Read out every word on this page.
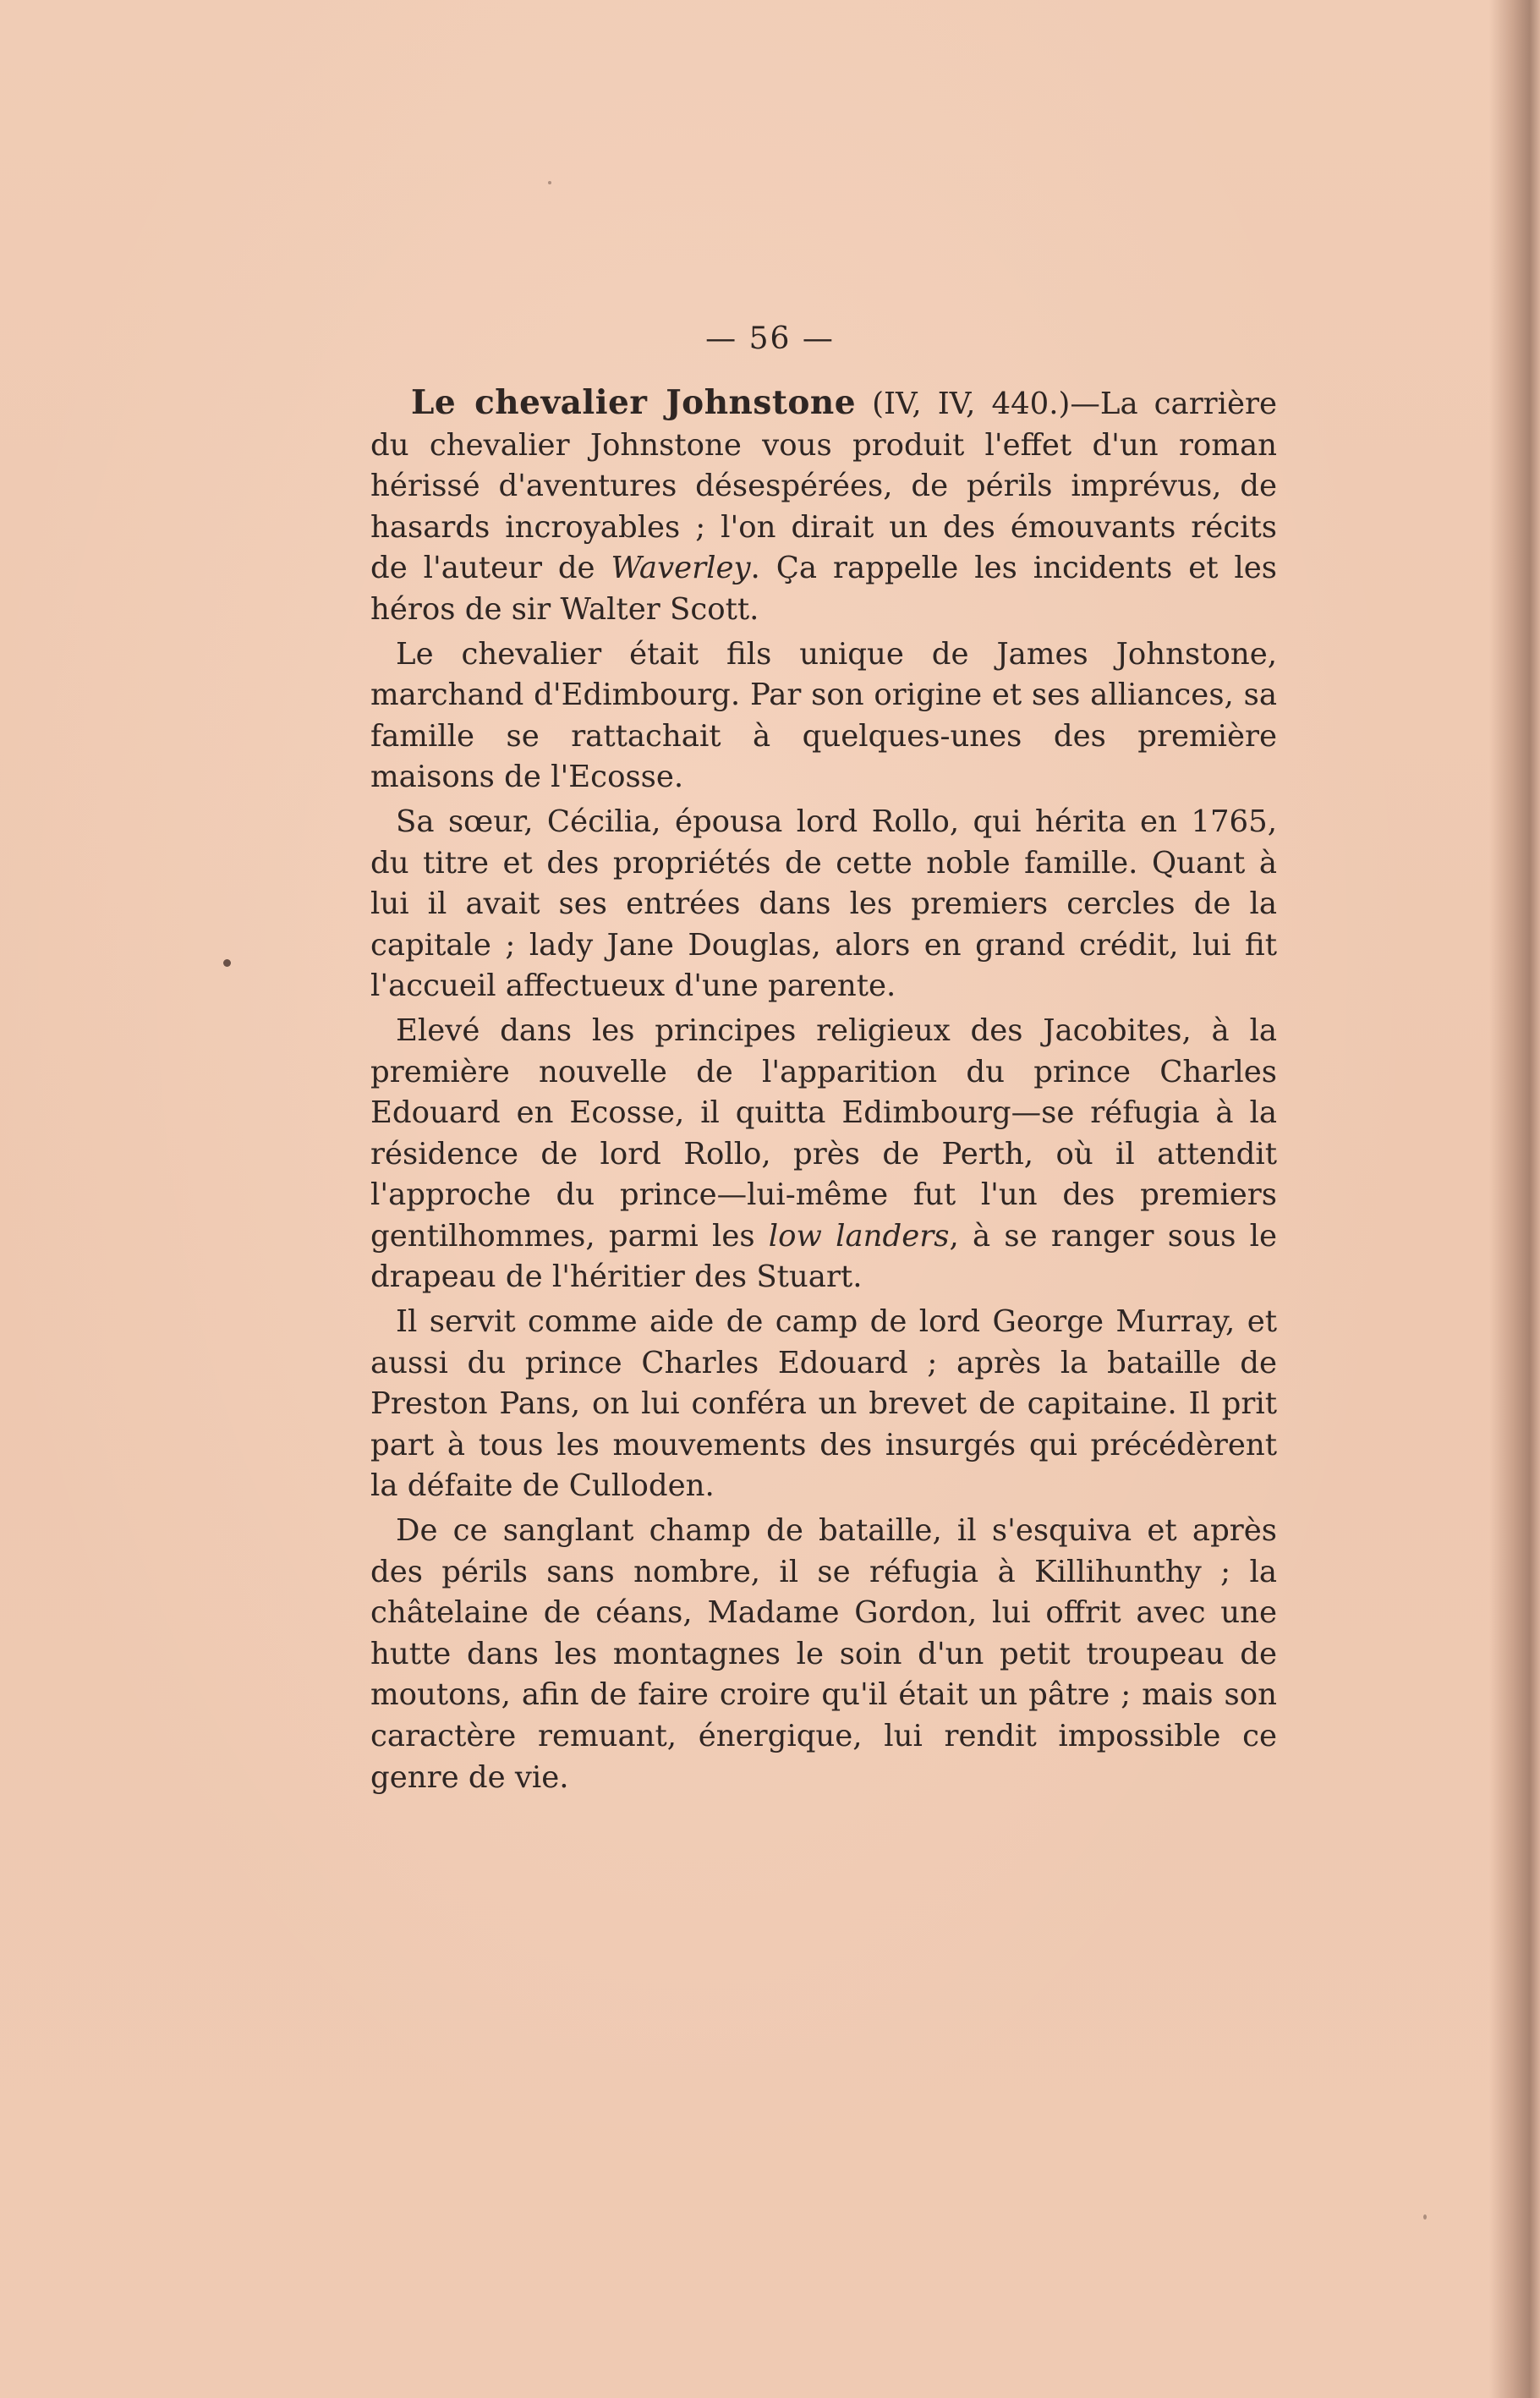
— 56 —

Le chevalier Johnstone (IV, IV, 440.)—La carrière du chevalier Johnstone vous produit l'effet d'un roman hérissé d'aventures désespérées, de périls imprévus, de hasards incroyables ; l'on dirait un des émouvants récits de l'auteur de Waverley. Ça rappelle les incidents et les héros de sir Walter Scott.

Le chevalier était fils unique de James Johnstone, marchand d'Edimbourg. Par son origine et ses alliances, sa famille se rattachait à quelques-unes des première maisons de l'Ecosse.

Sa sœur, Cécilia, épousa lord Rollo, qui hérita en 1765, du titre et des propriétés de cette noble famille. Quant à lui il avait ses entrées dans les premiers cercles de la capitale ; lady Jane Douglas, alors en grand crédit, lui fit l'accueil affectueux d'une parente.

Elevé dans les principes religieux des Jacobites, à la première nouvelle de l'apparition du prince Charles Edouard en Ecosse, il quitta Edimbourg—se réfugia à la résidence de lord Rollo, près de Perth, où il attendit l'approche du prince—lui-même fut l'un des premiers gentilhommes, parmi les low landers, à se ranger sous le drapeau de l'héritier des Stuart.

Il servit comme aide de camp de lord George Murray, et aussi du prince Charles Edouard ; après la bataille de Preston Pans, on lui conféra un brevet de capitaine. Il prit part à tous les mouvements des insurgés qui précédèrent la défaite de Culloden.

De ce sanglant champ de bataille, il s'esquiva et après des périls sans nombre, il se réfugia à Killihunthy ; la châtelaine de céans, Madame Gordon, lui offrit avec une hutte dans les montagnes le soin d'un petit troupeau de moutons, afin de faire croire qu'il était un pâtre ; mais son caractère remuant, énergique, lui rendit impossible ce genre de vie.
